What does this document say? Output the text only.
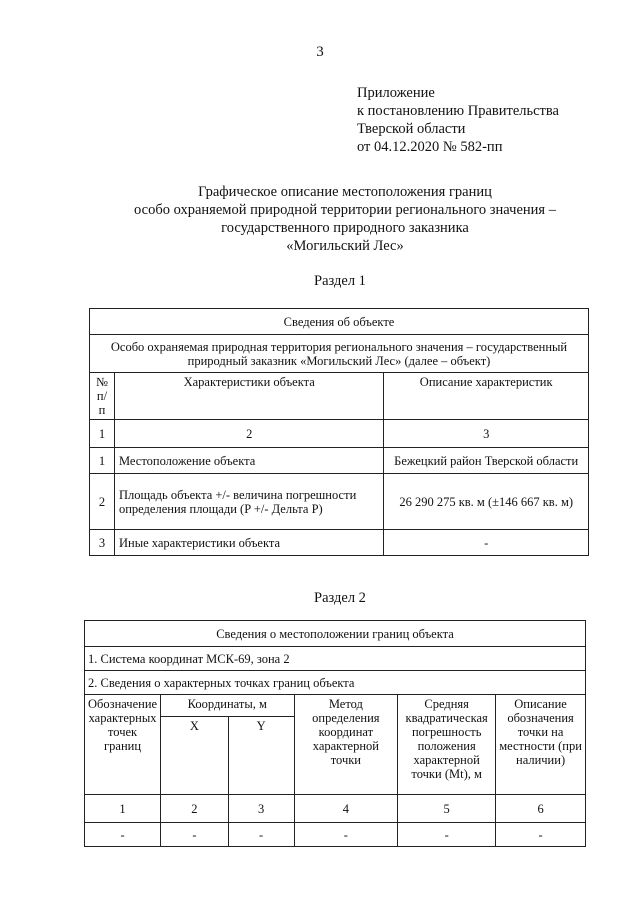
3
Приложение
к постановлению Правительства
Тверской области
от 04.12.2020 № 582-пп
Графическое описание местоположения границ
особо охраняемой природной территории регионального значения –
государственного природного заказника
«Могильский Лес»
Раздел 1
Сведения об объекте		
Особо охраняемая природная территория регионального значения – государственный природный заказник «Могильский Лес» (далее – объект)		
№ п/п	Характеристики объекта	Описание характеристик
1	2	3
1	Местоположение объекта	Бежецкий район Тверской области
2	Площадь объекта +/- величина погрешности определения площади (P +/- Дельта P)	26 290 275 кв. м (±146 667 кв. м)
3	Иные характеристики объекта	-
Раздел 2
Сведения о местоположении границ объекта					
1. Система координат МСК-69, зона 2					
2. Сведения о характерных точках границ объекта					
Обозначение характерных точек границ	Координаты, м		Метод определения координат характерной точки	Средняя квадратическая погрешность положения характерной точки (Mt), м	Описание обозначения точки на местности (при наличии)
	X	Y			
1	2	3	4	5	6
-	-	-	-	-	-
